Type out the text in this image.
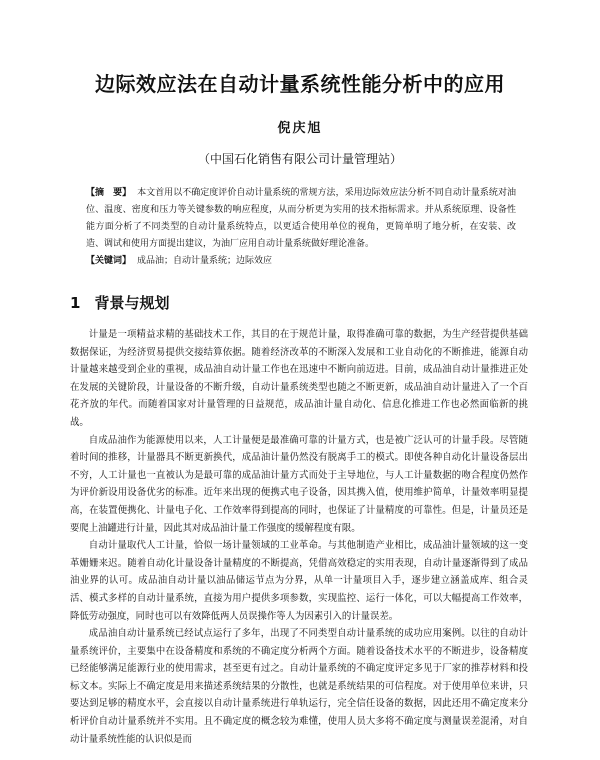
边际效应法在自动计量系统性能分析中的应用
倪庆旭
（中国石化销售有限公司计量管理站）
【摘　要】 本文首用以不确定度评价自动计量系统的常规方法，采用边际效应法分析不同自动计量系统对油位、温度、密度和压力等关键参数的响应程度，从而分析更为实用的技术指标需求。并从系统原理、设备性能方面分析了不同类型的自动计量系统特点，以更适合使用单位的视角，更简单明了地分析，在安装、改造、调试和使用方面提出建议，为油厂应用自动计量系统做好理论准备。
【关键词】 成品油；自动计量系统；边际效应
1 背景与规划

计量是一项精益求精的基础技术工作，其目的在于规范计量，取得准确可靠的数据，为生产经营提供基础数据保证，为经济贸易提供交接结算依据。随着经济改革的不断深入发展和工业自动化的不断推进，能源自动计量越来越受到企业的重视，成品油自动计量工作也在迅速中不断向前迈进。目前，成品油自动计量推进正处在发展的关键阶段，计量设备的不断升级，自动计量系统类型也随之不断更新，成品油自动计量进入了一个百花齐放的年代。而随着国家对计量管理的日益规范，成品油计量自动化、信息化推进工作也必然面临新的挑战。

自成品油作为能源使用以来，人工计量便是最准确可靠的计量方式，也是被广泛认可的计量手段。尽管随着时间的推移，计量器具不断更新换代，成品油计量仍然没有脱离手工的模式。即使各种自动化计量设备层出不穷，人工计量也一直被认为是最可靠的成品油计量方式而处于主导地位，与人工计量数据的吻合程度仍然作为评价新设用设备优劣的标准。近年来出现的便携式电子设备，因其携入值，使用维护简单，计量效率明显提高，在装置便携化、计量电子化、工作效率得到提高的同时，也保证了计量精度的可靠性。但是，计量员还是要爬上油罐进行计量，因此其对成品油计量工作强度的缓解程度有限。

自动计量取代人工计量，恰似一场计量领域的工业革命。与其他制造产业相比，成品油计量领域的这一变革姗姗来迟。随着自动化计量设备计量精度的不断提高，凭借高效稳定的实用表现，自动计量逐渐得到了成品油业界的认可。成品油自动计量以油品储运节点为分界，从单一计量项目入手，逐步建立涵盖成库、组合灵活、模式多样的自动计量系统，直接为用户提供多项参数，实现监控、运行一体化，可以大幅提高工作效率，降低劳动强度，同时也可以有效降低两人员误操作等人为因素引入的计量误差。

成品油自动计量系统已经试点运行了多年，出现了不同类型自动计量系统的成功应用案例。以往的自动计量系统评价，主要集中在设备精度和系统的不确定度分析两个方面。随着设备技术水平的不断进步，设备精度已经能够满足能源行业的使用需求，甚至更有过之。自动计量系统的不确定度评定多见于厂家的推荐材料和投标文本。实际上不确定度是用来描述系统结果的分散性，也就是系统结果的可信程度。对于使用单位来讲，只要达到足够的精度水平，会直接以自动计量系统进行单轨运行，完全信任设备的数据，因此还用不确定度来分析评价自动计量系统并不实用。且不确定度的概念较为难懂，使用人员大多将不确定度与测量误差混淆，对自动计量系统性能的认识似是而
